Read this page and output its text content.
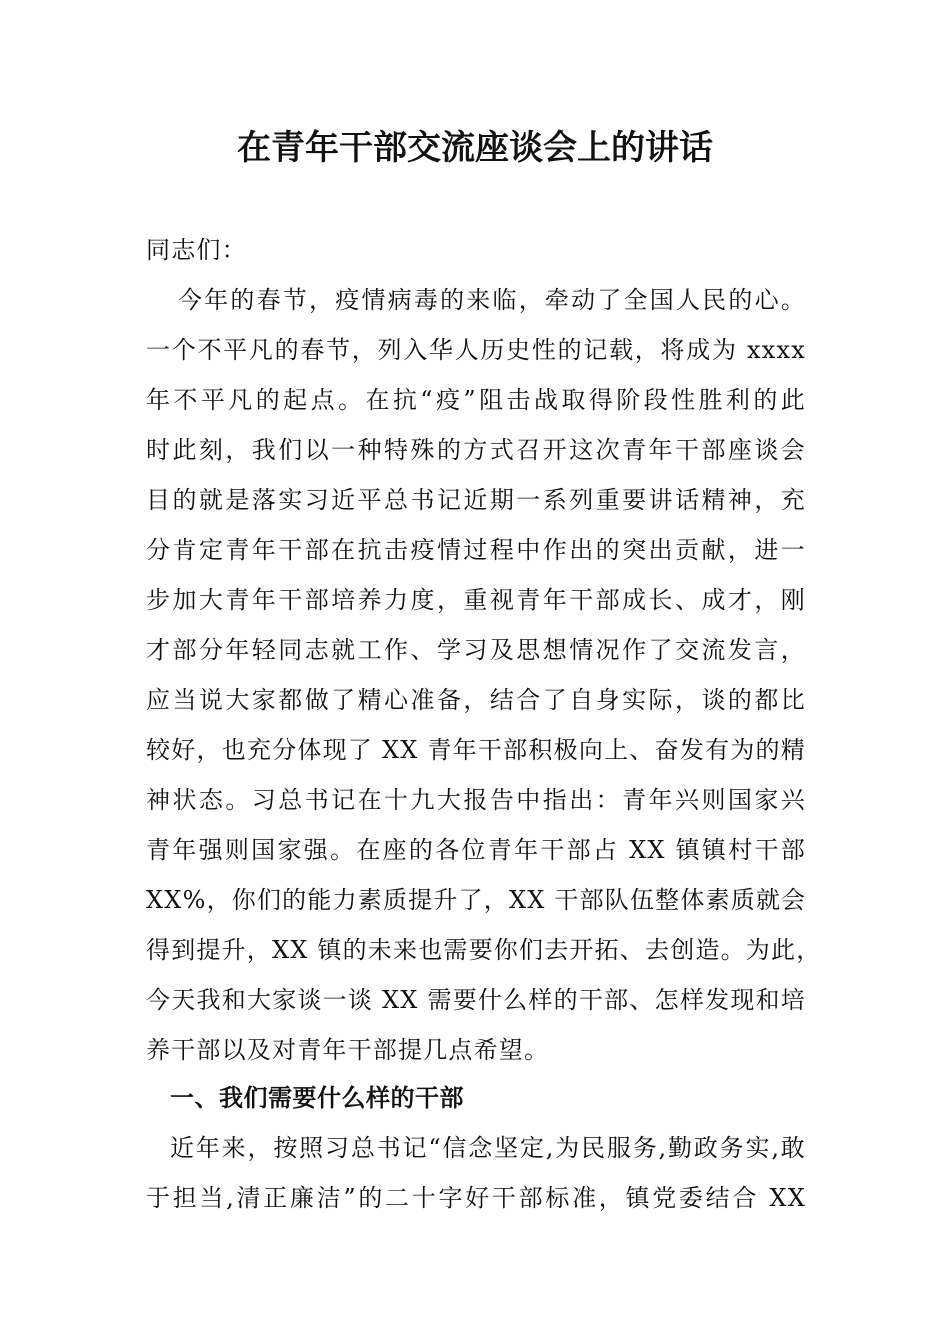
在青年干部交流座谈会上的讲话
同志们：
今年的春节，疫情病毒的来临，牵动了全国人民的心。
一个不平凡的春节，列入华人历史性的记载，将成为 xxxx
年不平凡的起点。在抗“疫”阻击战取得阶段性胜利的此
时此刻，我们以一种特殊的方式召开这次青年干部座谈会
目的就是落实习近平总书记近期一系列重要讲话精神，充
分肯定青年干部在抗击疫情过程中作出的突出贡献，进一
步加大青年干部培养力度，重视青年干部成长、成才，刚
才部分年轻同志就工作、学习及思想情况作了交流发言，
应当说大家都做了精心准备，结合了自身实际，谈的都比
较好，也充分体现了 XX 青年干部积极向上、奋发有为的精
神状态。习总书记在十九大报告中指出：青年兴则国家兴
青年强则国家强。在座的各位青年干部占 XX 镇镇村干部
XX%，你们的能力素质提升了，XX 干部队伍整体素质就会
得到提升，XX 镇的未来也需要你们去开拓、去创造。为此，
今天我和大家谈一谈 XX 需要什么样的干部、怎样发现和培
养干部以及对青年干部提几点希望。
一、我们需要什么样的干部
近年来，按照习总书记“信念坚定,为民服务,勤政务实,敢
于担当,清正廉洁”的二十字好干部标准，镇党委结合 XX
